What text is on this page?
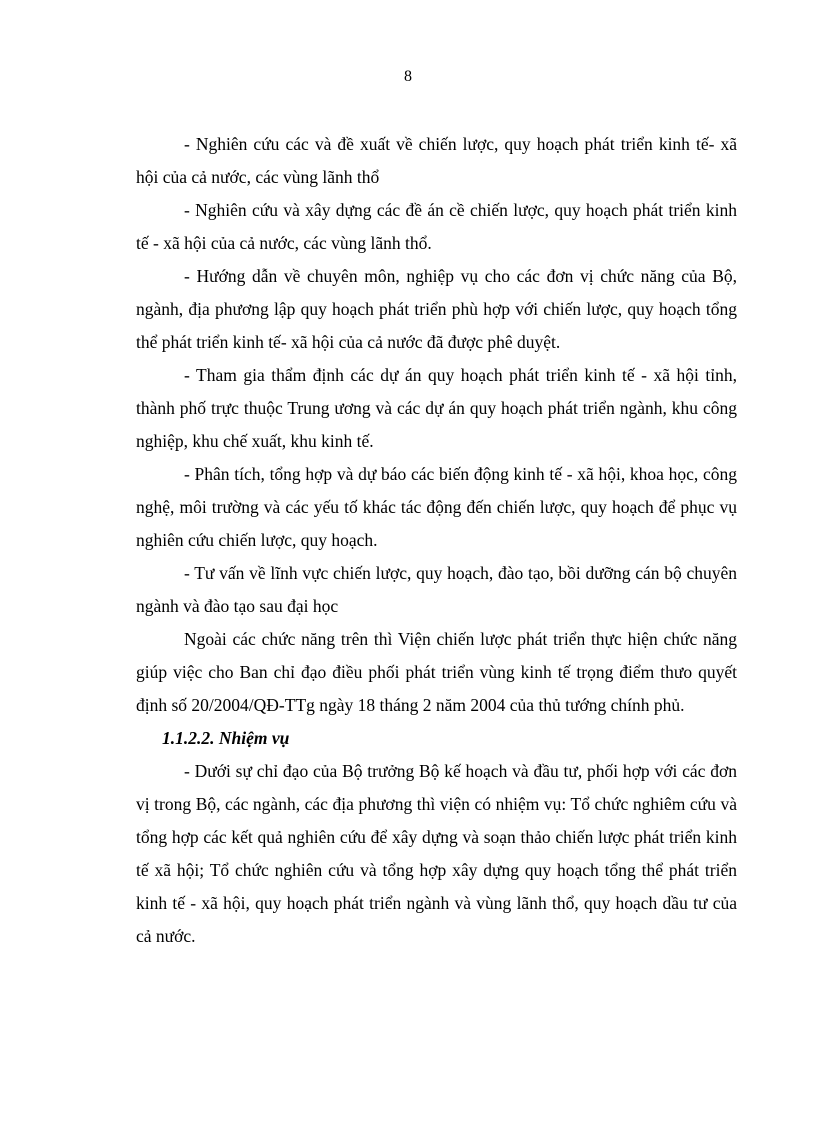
8

- Nghiên cứu các và đề xuất về chiến lược, quy hoạch phát triển kinh tế- xã hội của cả nước, các vùng lãnh thổ

- Nghiên cứu và xây dựng các đề án cề chiến lược, quy hoạch phát triển kinh tế - xã hội của cả nước, các vùng lãnh thổ.

- Hướng dẫn về chuyên môn, nghiệp vụ cho các đơn vị chức năng của Bộ, ngành, địa phương lập quy hoạch phát triển phù hợp với chiến lược, quy hoạch tổng thể phát triển kinh tế- xã hội của cả nước đã được phê duyệt.

- Tham gia thẩm định các dự án quy hoạch phát triển kinh tế - xã hội tỉnh, thành phố trực thuộc Trung ương và các dự án quy hoạch phát triển ngành, khu công nghiệp, khu chế xuất, khu kinh tế.

- Phân tích, tổng hợp và dự báo các biến động kinh tế - xã hội, khoa học, công nghệ, môi trường và các yếu tố khác tác động đến chiến lược, quy hoạch để phục vụ nghiên cứu chiến lược, quy hoạch.

- Tư vấn về lĩnh vực chiến lược, quy hoạch, đào tạo, bồi dưỡng cán bộ chuyên ngành và đào tạo sau đại học

Ngoài các chức năng trên thì Viện chiến lược phát triển thực hiện chức năng giúp việc cho Ban chỉ đạo điều phối phát triển vùng kinh tế trọng điểm thưo quyết định số 20/2004/QĐ-TTg ngày 18 tháng 2 năm 2004 của thủ tướng chính phủ.

1.1.2.2. Nhiệm vụ

- Dưới sự chỉ đạo của Bộ trưởng Bộ kế hoạch và đầu tư, phối hợp với các đơn vị trong Bộ, các ngành, các địa phương thì viện có nhiệm vụ: Tổ chức nghiêm cứu và tổng hợp các kết quả nghiên cứu để xây dựng và soạn thảo chiến lược phát triển kinh tế xã hội; Tổ chức nghiên cứu và tổng hợp xây dựng quy hoạch tổng thể phát triển kinh tế - xã hội, quy hoạch phát triển ngành và vùng lãnh thổ, quy hoạch dầu tư của cả nước.
